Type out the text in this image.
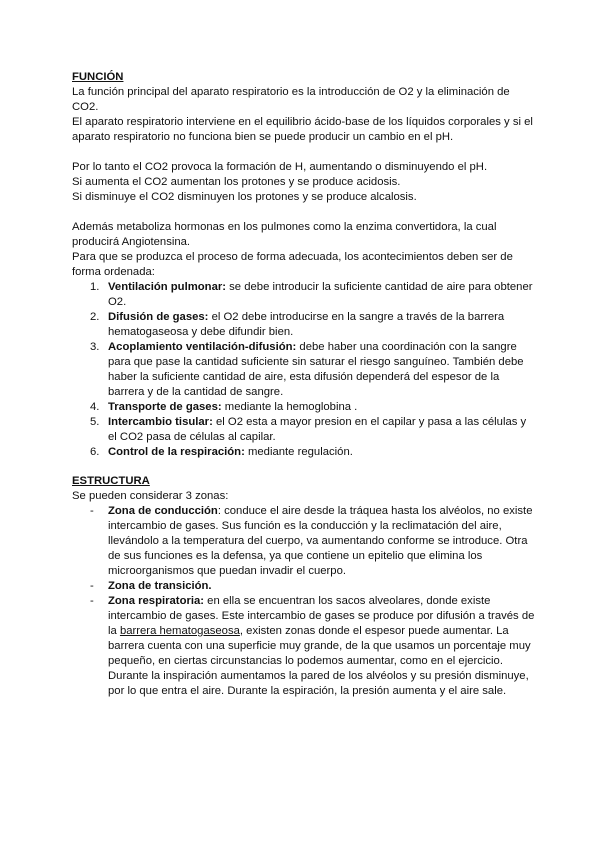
FUNCIÓN

La función principal del aparato respiratorio es la introducción de O2 y la eliminación de CO2.

El aparato respiratorio interviene en el equilibrio ácido-base de los líquidos corporales y si el aparato respiratorio no funciona bien se puede producir un cambio en el pH.

Por lo tanto el CO2 provoca la formación de H, aumentando o disminuyendo el pH.

Si aumenta el CO2 aumentan los protones y se produce acidosis.

Si disminuye el CO2 disminuyen los protones y se produce alcalosis.

Además metaboliza hormonas en los pulmones como la enzima convertidora, la cual producirá Angiotensina.

Para que se produzca el proceso de forma adecuada, los acontecimientos deben ser de forma ordenada:

1. Ventilación pulmonar: se debe introducir la suficiente cantidad de aire para obtener O2.
2. Difusión de gases: el O2 debe introducirse en la sangre a través de la barrera hematogaseosa y debe difundir bien.
3. Acoplamiento ventilación-difusión: debe haber una coordinación con la sangre para que pase la cantidad suficiente sin saturar el riesgo sanguíneo. También debe haber la suficiente cantidad de aire, esta difusión dependerá del espesor de la barrera y de la cantidad de sangre.
4. Transporte de gases: mediante la hemoglobina .
5. Intercambio tisular: el O2 esta a mayor presion en el capilar y pasa a las células y el CO2 pasa de células al capilar.
6. Control de la respiración: mediante regulación.
ESTRUCTURA

Se pueden considerar 3 zonas:

- Zona de conducción: conduce el aire desde la tráquea hasta los alvéolos, no existe intercambio de gases. Sus función es la conducción y la reclimatación del aire, llevándolo a la temperatura del cuerpo, va aumentando conforme se introduce. Otra de sus funciones es la defensa, ya que contiene un epitelio que elimina los microorganismos que puedan invadir el cuerpo.
- Zona de transición.
- Zona respiratoria: en ella se encuentran los sacos alveolares, donde existe intercambio de gases. Este intercambio de gases se produce por difusión a través de la barrera hematogaseosa, existen zonas donde el espesor puede aumentar. La barrera cuenta con una superficie muy grande, de la que usamos un porcentaje muy pequeño, en ciertas circunstancias lo podemos aumentar, como en el ejercicio. Durante la inspiración aumentamos la pared de los alvéolos y su presión disminuye, por lo que entra el aire. Durante la espiración, la presión aumenta y el aire sale.
